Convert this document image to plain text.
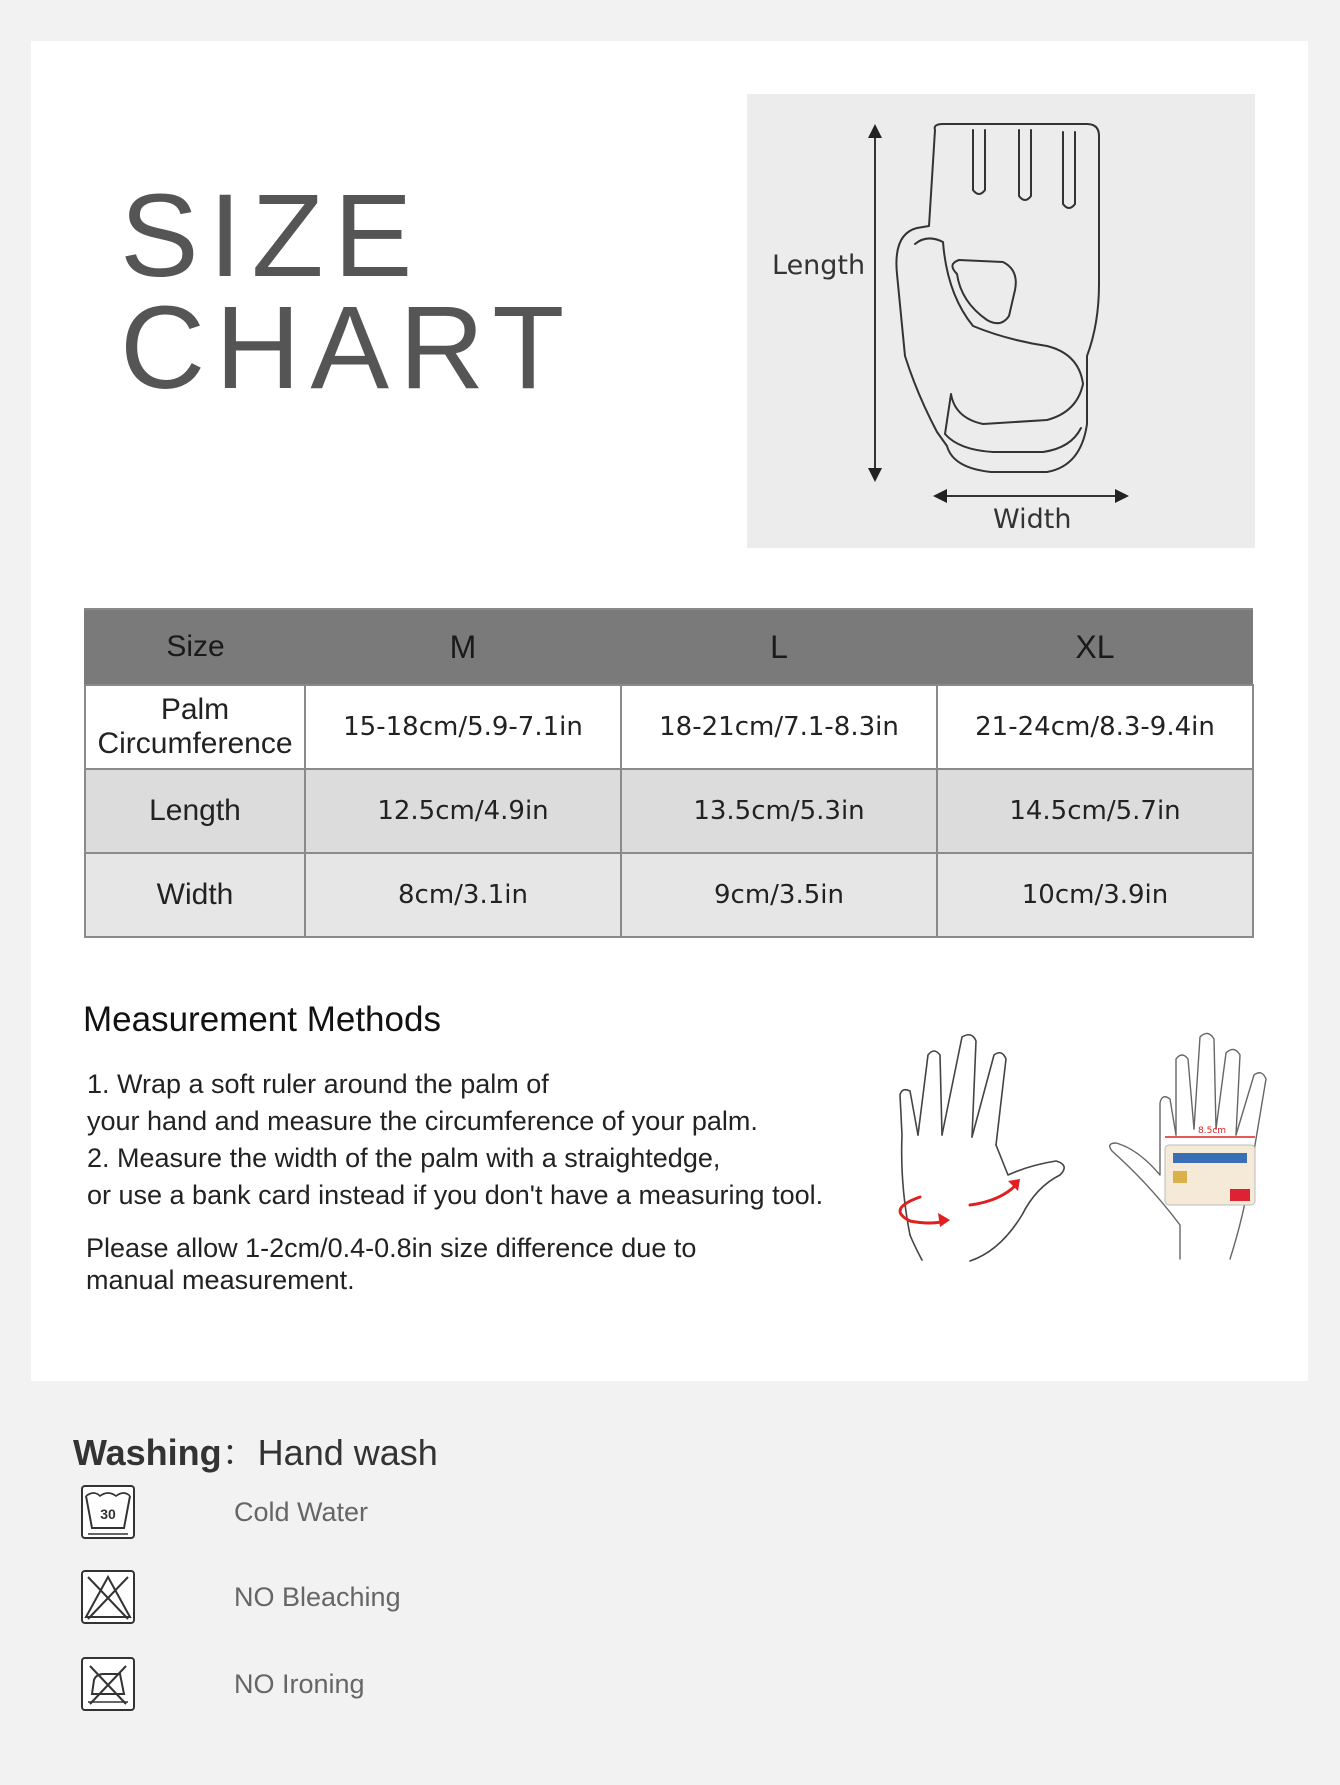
SIZE
CHART
Length
Width
Size	M	L	XL

Palm
Circumference	15-18cm/5.9-7.1in	18-21cm/7.1-8.3in	21-24cm/8.3-9.4in
Length	12.5cm/4.9in	13.5cm/5.3in	14.5cm/5.7in
Width	8cm/3.1in	9cm/3.5in	10cm/3.9in
Measurement Methods
1. Wrap a soft ruler around the palm of
your hand and measure the circumference of your palm.
2. Measure the width of the palm with a straightedge,
or use a bank card instead if you don't have a measuring tool.
Please allow 1-2cm/0.4-0.8in size difference due to
manual measurement.
8.5cm
Washing：Hand wash
30	Cold Water
NO Bleaching
NO Ironing
